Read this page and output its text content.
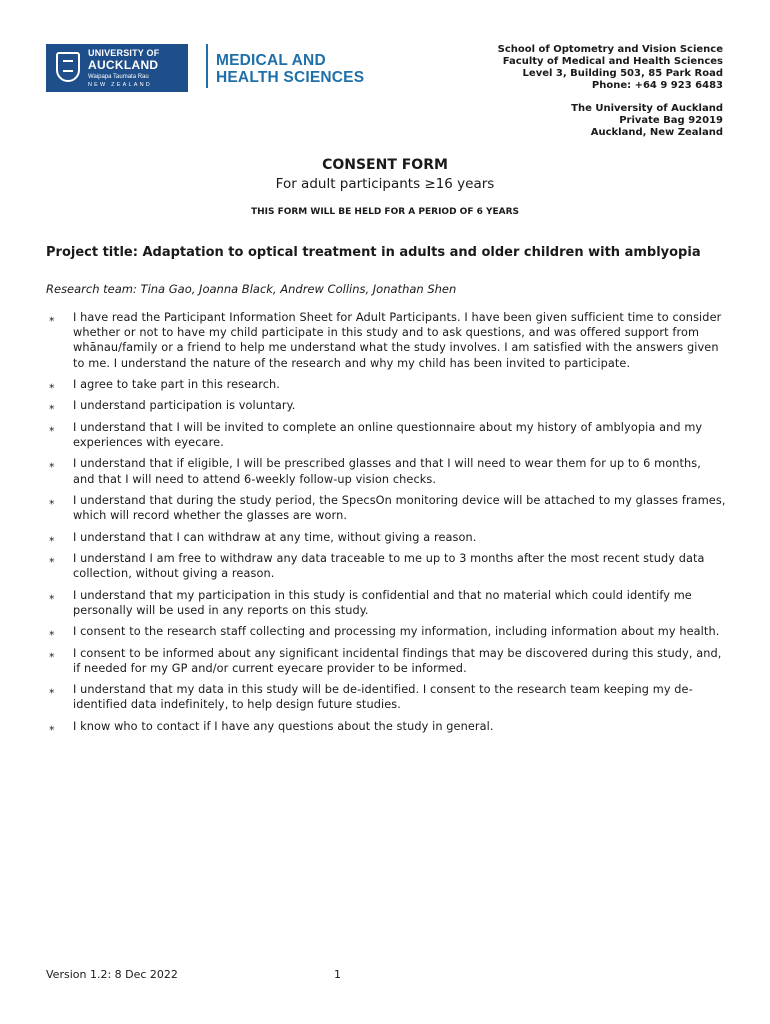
UNIVERSITY OF
AUCKLAND
Waipapa Taumata Rau
NEW ZEALAND
MEDICAL AND
HEALTH SCIENCES
School of Optometry and Vision Science
Faculty of Medical and Health Sciences
Level 3, Building 503, 85 Park Road
Phone: +64 9 923 6483
The University of Auckland
Private Bag 92019
Auckland, New Zealand
CONSENT FORM
For adult participants ≥16 years
THIS FORM WILL BE HELD FOR A PERIOD OF 6 YEARS
Project title: Adaptation to optical treatment in adults and older children with amblyopia
Research team: Tina Gao, Joanna Black, Andrew Collins, Jonathan Shen
⁎ I have read the Participant Information Sheet for Adult Participants. I have been given sufficient time to consider whether or not to have my child participate in this study and to ask questions, and was offered support from whānau/family or a friend to help me understand what the study involves. I am satisfied with the answers given to me. I understand the nature of the research and why my child has been invited to participate.
⁎ I agree to take part in this research.
⁎ I understand participation is voluntary.
⁎ I understand that I will be invited to complete an online questionnaire about my history of amblyopia and my experiences with eyecare.
⁎ I understand that if eligible, I will be prescribed glasses and that I will need to wear them for up to 6 months, and that I will need to attend 6-weekly follow-up vision checks.
⁎ I understand that during the study period, the SpecsOn monitoring device will be attached to my glasses frames, which will record whether the glasses are worn.
⁎ I understand that I can withdraw at any time, without giving a reason.
⁎ I understand I am free to withdraw any data traceable to me up to 3 months after the most recent study data collection, without giving a reason.
⁎ I understand that my participation in this study is confidential and that no material which could identify me personally will be used in any reports on this study.
⁎ I consent to the research staff collecting and processing my information, including information about my health.
⁎ I consent to be informed about any significant incidental findings that may be discovered during this study, and, if needed for my GP and/or current eyecare provider to be informed.
⁎ I understand that my data in this study will be de-identified. I consent to the research team keeping my de-identified data indefinitely, to help design future studies.
⁎ I know who to contact if I have any questions about the study in general.
Version 1.2: 8 Dec 2022	1
